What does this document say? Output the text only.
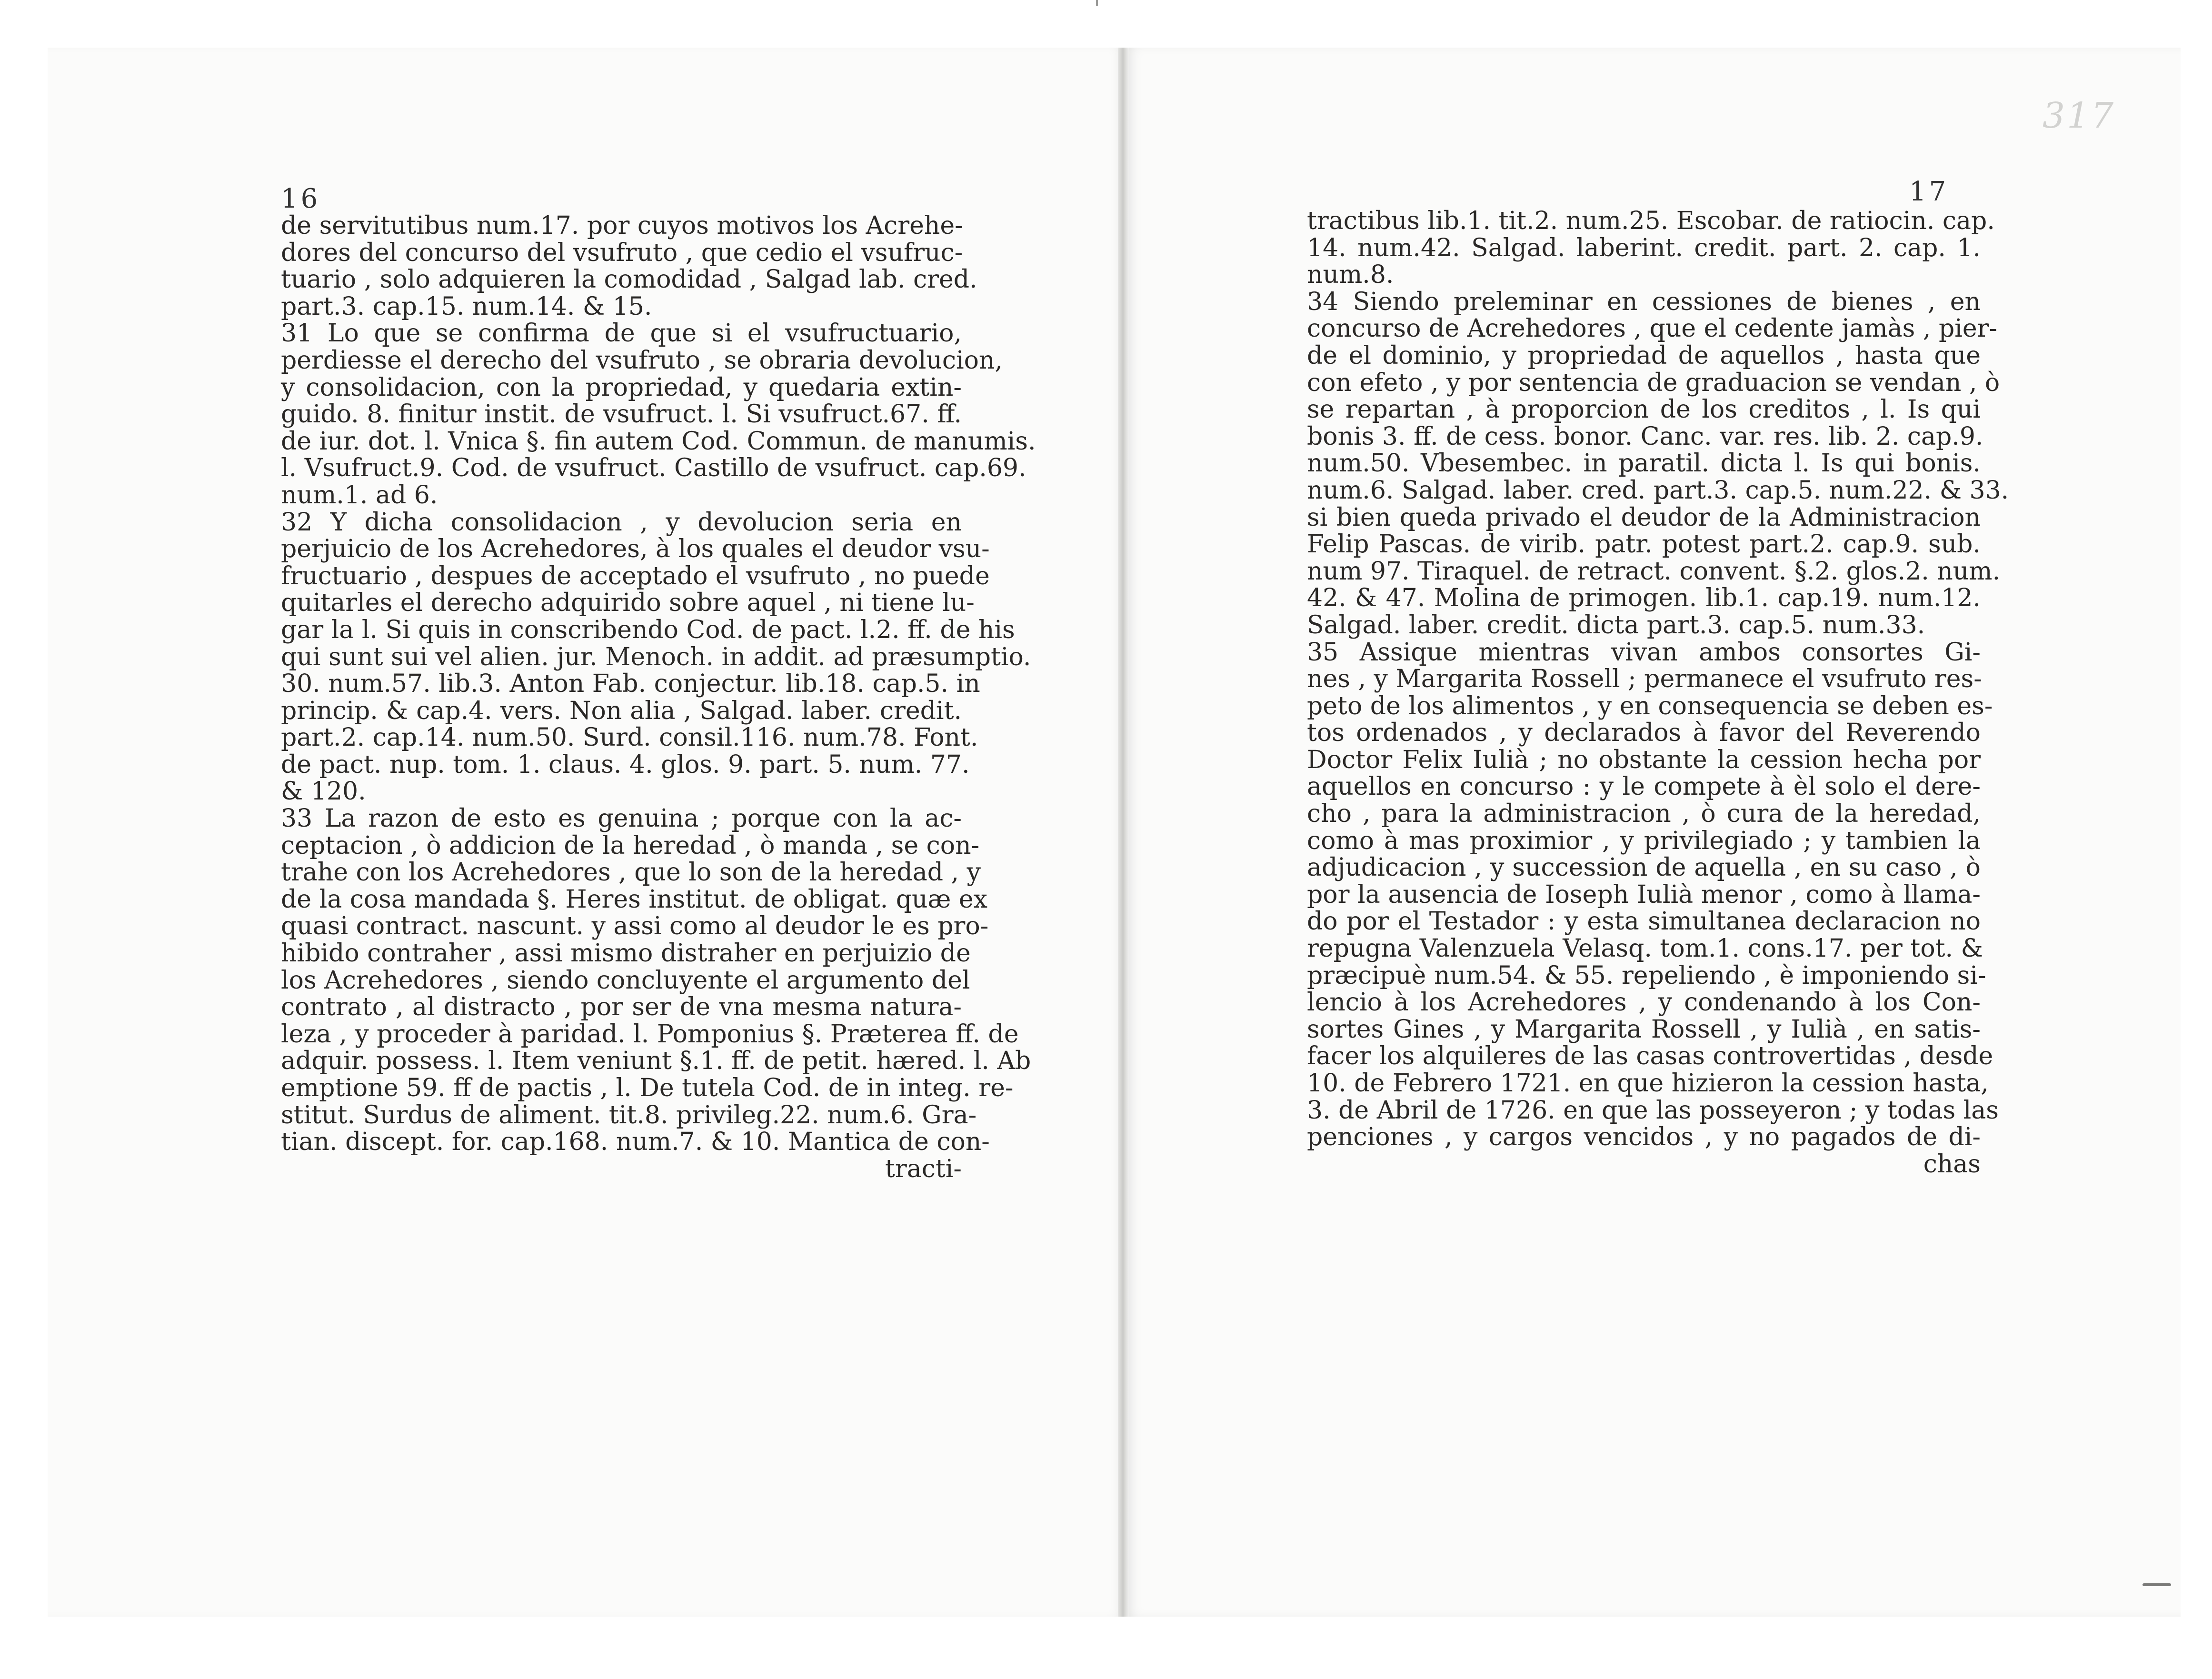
317
16	17
de servitutibus num.17. por cuyos motivos los Acrehe-
dores del concurso del vsufruto , que cedio el vsufruc-
tuario , solo adquieren la comodidad , Salgad lab. cred.
part.3. cap.15. num.14. & 15.
31 Lo que se confirma de que si el vsufructuario,
perdiesse el derecho del vsufruto , se obraria devolucion,
y consolidacion, con la propriedad, y quedaria extin-
guido. 8. finitur instit. de vsufruct. l. Si vsufruct.67. ff.
de iur. dot. l. Vnica §. fin autem Cod. Commun. de manumis.
l. Vsufruct.9. Cod. de vsufruct. Castillo de vsufruct. cap.69.
num.1. ad 6.
32 Y dicha consolidacion , y devolucion seria en
perjuicio de los Acrehedores, à los quales el deudor vsu-
fructuario , despues de acceptado el vsufruto , no puede
quitarles el derecho adquirido sobre aquel , ni tiene lu-
gar la l. Si quis in conscribendo Cod. de pact. l.2. ff. de his
qui sunt sui vel alien. jur. Menoch. in addit. ad præsumptio.
30. num.57. lib.3. Anton Fab. conjectur. lib.18. cap.5. in
princip. & cap.4. vers. Non alia , Salgad. laber. credit.
part.2. cap.14. num.50. Surd. consil.116. num.78. Font.
de pact. nup. tom. 1. claus. 4. glos. 9. part. 5. num. 77.
& 120.
33 La razon de esto es genuina ; porque con la ac-
ceptacion , ò addicion de la heredad , ò manda , se con-
trahe con los Acrehedores , que lo son de la heredad , y
de la cosa mandada §. Heres institut. de obligat. quæ ex
quasi contract. nascunt. y assi como al deudor le es pro-
hibido contraher , assi mismo distraher en perjuizio de
los Acrehedores , siendo concluyente el argumento del
contrato , al distracto , por ser de vna mesma natura-
leza , y proceder à paridad. l. Pomponius §. Præterea ff. de
adquir. possess. l. Item veniunt §.1. ff. de petit. hæred. l. Ab
emptione 59. ff de pactis , l. De tutela Cod. de in integ. re-
stitut. Surdus de aliment. tit.8. privileg.22. num.6. Gra-
tian. discept. for. cap.168. num.7. & 10. Mantica de con-
tracti-
tractibus lib.1. tit.2. num.25. Escobar. de ratiocin. cap.
14. num.42. Salgad. laberint. credit. part. 2. cap. 1.
num.8.
34 Siendo preleminar en cessiones de bienes , en
concurso de Acrehedores , que el cedente jamàs , pier-
de el dominio, y propriedad de aquellos , hasta que
con efeto , y por sentencia de graduacion se vendan , ò
se repartan , à proporcion de los creditos , l. Is qui
bonis 3. ff. de cess. bonor. Canc. var. res. lib. 2. cap.9.
num.50. Vbesembec. in paratil. dicta l. Is qui bonis.
num.6. Salgad. laber. cred. part.3. cap.5. num.22. & 33.
si bien queda privado el deudor de la Administracion
Felip Pascas. de virib. patr. potest part.2. cap.9. sub.
num 97. Tiraquel. de retract. convent. §.2. glos.2. num.
42. & 47. Molina de primogen. lib.1. cap.19. num.12.
Salgad. laber. credit. dicta part.3. cap.5. num.33.
35 Assique mientras vivan ambos consortes Gi-
nes , y Margarita Rossell ; permanece el vsufruto res-
peto de los alimentos , y en consequencia se deben es-
tos ordenados , y declarados à favor del Reverendo
Doctor Felix Iulià ; no obstante la cession hecha por
aquellos en concurso : y le compete à èl solo el dere-
cho , para la administracion , ò cura de la heredad,
como à mas proximior , y privilegiado ; y tambien la
adjudicacion , y succession de aquella , en su caso , ò
por la ausencia de Ioseph Iulià menor , como à llama-
do por el Testador : y esta simultanea declaracion no
repugna Valenzuela Velasq. tom.1. cons.17. per tot. &
præcipuè num.54. & 55. repeliendo , è imponiendo si-
lencio à los Acrehedores , y condenando à los Con-
sortes Gines , y Margarita Rossell , y Iulià , en satis-
facer los alquileres de las casas controvertidas , desde
10. de Febrero 1721. en que hizieron la cession hasta,
3. de Abril de 1726. en que las posseyeron ; y todas las
penciones , y cargos vencidos , y no pagados de di-
chas
